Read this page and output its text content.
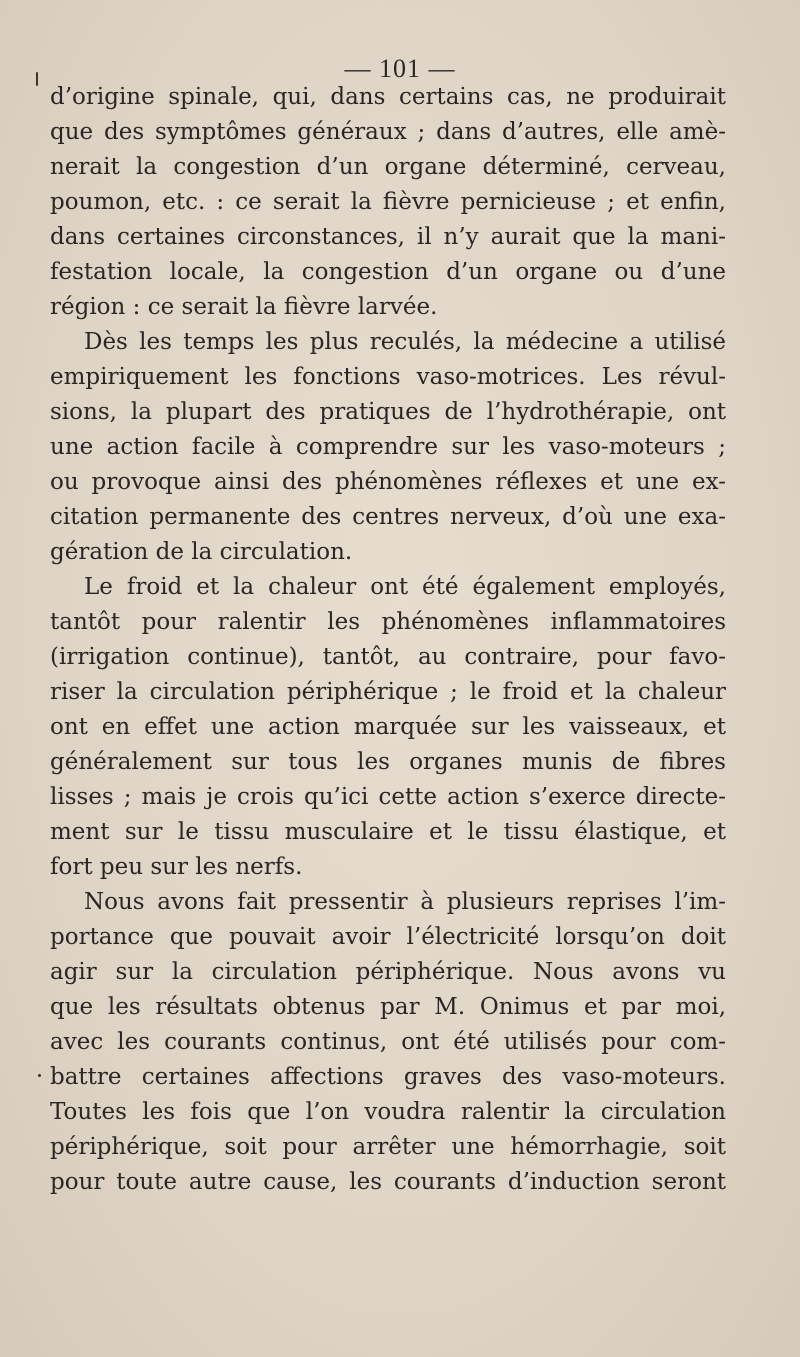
— 101 —
d’origine spinale, qui, dans certains cas, ne produirait
que des symptômes généraux ; dans d’autres, elle amè-
nerait la congestion d’un organe déterminé, cerveau,
poumon, etc. : ce serait la fièvre pernicieuse ; et enfin,
dans certaines circonstances, il n’y aurait que la mani-
festation locale, la congestion d’un organe ou d’une
région : ce serait la fièvre larvée.
Dès les temps les plus reculés, la médecine a utilisé
empiriquement les fonctions vaso-motrices. Les révul-
sions, la plupart des pratiques de l’hydrothérapie, ont
une action facile à comprendre sur les vaso-moteurs ;
ou provoque ainsi des phénomènes réflexes et une ex-
citation permanente des centres nerveux, d’où une exa-
gération de la circulation.
Le froid et la chaleur ont été également employés,
tantôt pour ralentir les phénomènes inflammatoires
(irrigation continue), tantôt, au contraire, pour favo-
riser la circulation périphérique ; le froid et la chaleur
ont en effet une action marquée sur les vaisseaux, et
généralement sur tous les organes munis de fibres
lisses ; mais je crois qu’ici cette action s’exerce directe-
ment sur le tissu musculaire et le tissu élastique, et
fort peu sur les nerfs.
Nous avons fait pressentir à plusieurs reprises l’im-
portance que pouvait avoir l’électricité lorsqu’on doit
agir sur la circulation périphérique. Nous avons vu
que les résultats obtenus par M. Onimus et par moi,
avec les courants continus, ont été utilisés pour com-
battre certaines affections graves des vaso-moteurs.
Toutes les fois que l’on voudra ralentir la circulation
périphérique, soit pour arrêter une hémorrhagie, soit
pour toute autre cause, les courants d’induction seront
